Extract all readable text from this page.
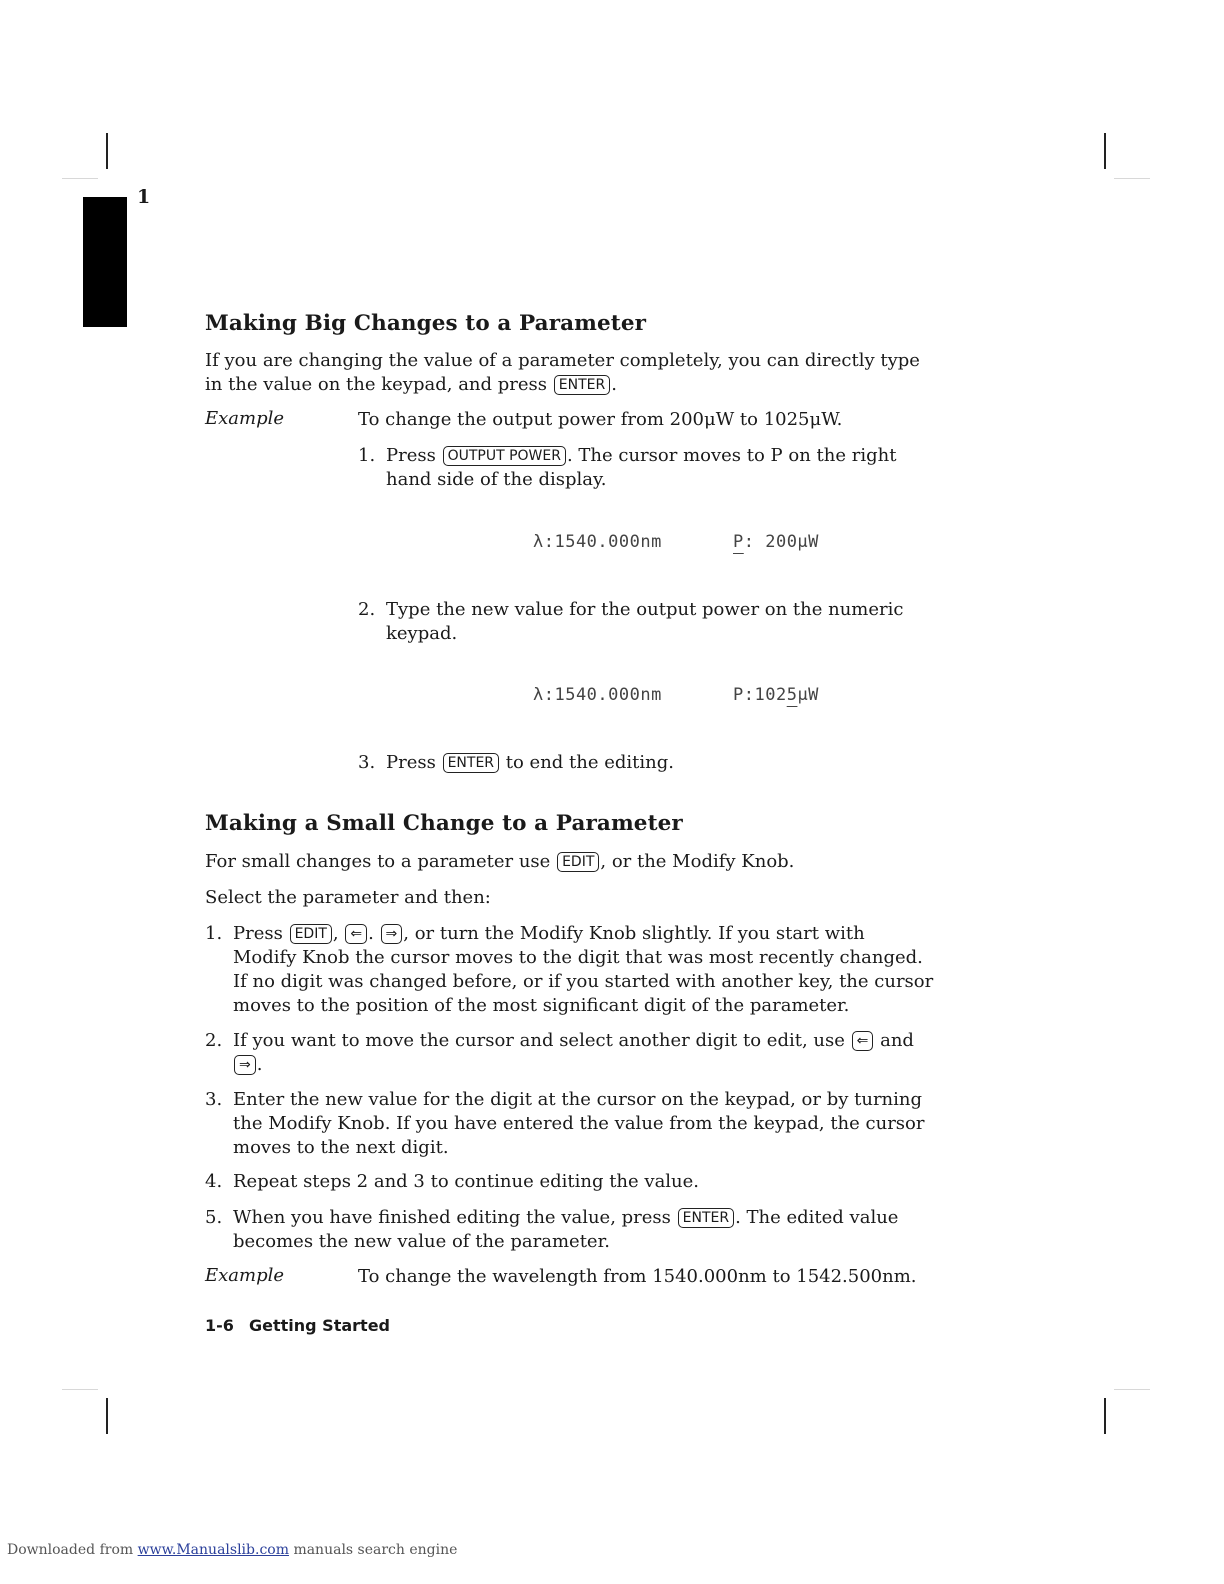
1
Making Big Changes to a Parameter
If you are changing the value of a parameter completely, you can directly type
in the value on the keypad, and press ENTER .
Example	To change the output power from 200μW to 1025μW.
1. Press OUTPUT POWER . The cursor moves to P on the right
hand side of the display.
λ:1540.000nm	P: 200μW
2. Type the new value for the output power on the numeric
keypad.
λ:1540.000nm	P:1025μW
3. Press ENTER to end the editing.
Making a Small Change to a Parameter
For small changes to a parameter use EDIT , or the Modify Knob.
Select the parameter and then:
1. Press EDIT , ⇐ . ⇒ , or turn the Modify Knob slightly. If you start with
Modify Knob the cursor moves to the digit that was most recently changed.
If no digit was changed before, or if you started with another key, the cursor
moves to the position of the most significant digit of the parameter.
2. If you want to move the cursor and select another digit to edit, use ⇐ and
⇒ .
3. Enter the new value for the digit at the cursor on the keypad, or by turning
the Modify Knob. If you have entered the value from the keypad, the cursor
moves to the next digit.
4. Repeat steps 2 and 3 to continue editing the value.
5. When you have finished editing the value, press ENTER . The edited value
becomes the new value of the parameter.
Example	To change the wavelength from 1540.000nm to 1542.500nm.
1-6 Getting Started
Downloaded from www.Manualslib.com manuals search engine
